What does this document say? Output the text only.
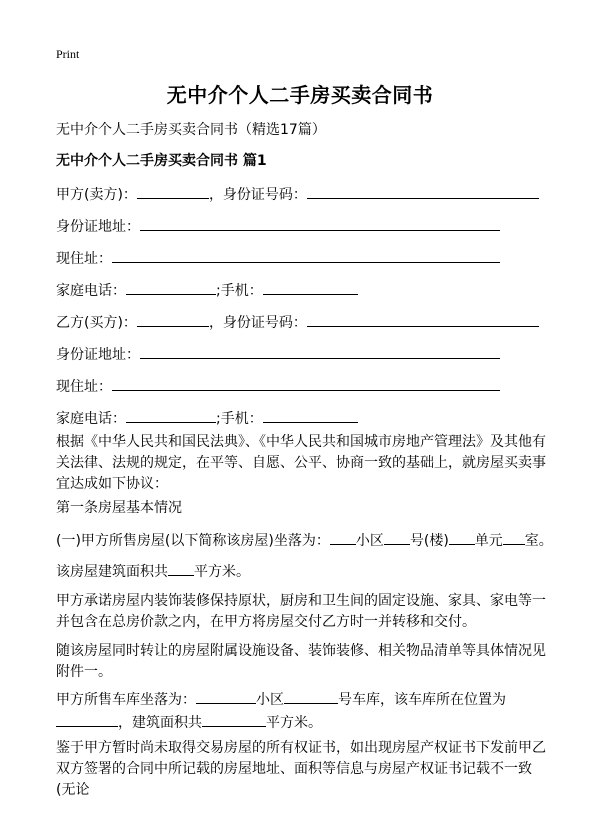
Print
无中介个人二手房买卖合同书
无中介个人二手房买卖合同书（精选17篇）
无中介个人二手房买卖合同书 篇1
甲方(卖方)：	，身份证号码：
身份证地址：
现住址：
家庭电话：	;手机：
乙方(买方)：	，身份证号码：
身份证地址：
现住址：
家庭电话：	;手机：
根据《中华人民共和国民法典》、《中华人民共和国城市房地产管理法》及其他有关法律、法规的规定，在平等、自愿、公平、协商一致的基础上，就房屋买卖事宜达成如下协议：
第一条房屋基本情况
(一)甲方所售房屋(以下简称该房屋)坐落为： 小区 号(楼) 单元 室。
该房屋建筑面积共 平方米。
甲方承诺房屋内装饰装修保持原状，厨房和卫生间的固定设施、家具、家电等一并包含在总房价款之内，在甲方将房屋交付乙方时一并转移和交付。
随该房屋同时转让的房屋附属设施设备、装饰装修、相关物品清单等具体情况见附件一。
甲方所售车库坐落为：	小区	号车库，该车库所在位置为
，建筑面积共	平方米。
鉴于甲方暂时尚未取得交易房屋的所有权证书，如出现房屋产权证书下发前甲乙双方签署的合同中所记载的房屋地址、面积等信息与房屋产权证书记载不一致(无论
